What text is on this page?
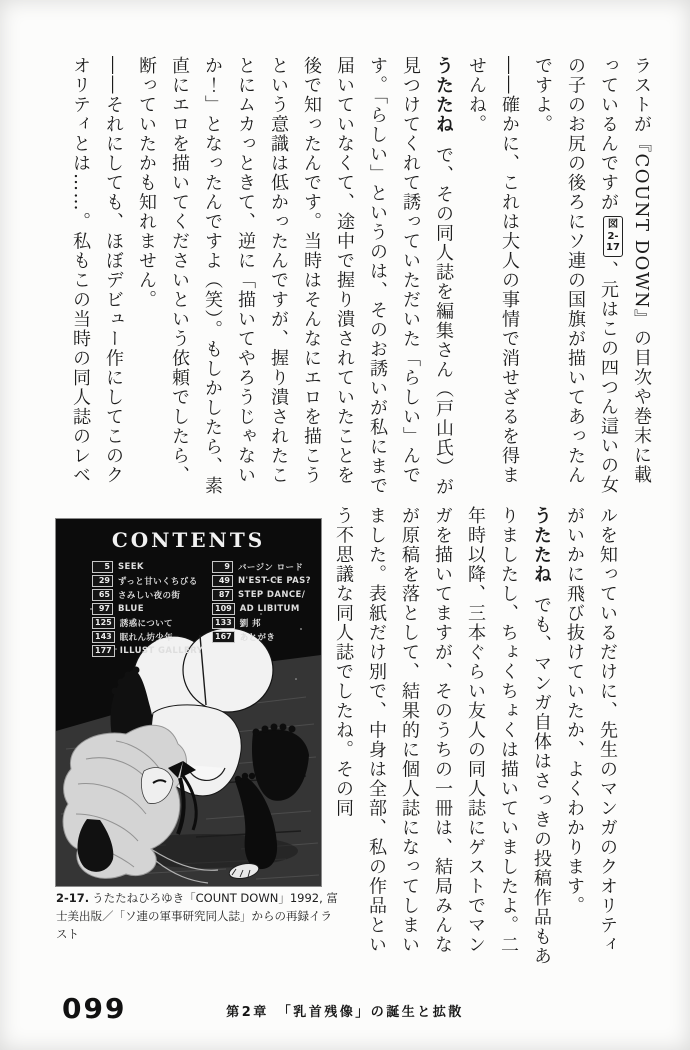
ラストが『COUNT DOWN』の目次や巻末に載っているんですが図2-17、元はこの四つん這いの女の子のお尻の後ろにソ連の国旗が描いてあったんですよ。

――確かに、これは大人の事情で消せざるを得ませんね。

うたたねで、その同人誌を編集さん（戸山氏）が見つけてくれて誘っていただいた「らしい」んです。「らしい」というのは、そのお誘いが私にまで届いていなくて、途中で握り潰されていたことを後で知ったんです。当時はそんなにエロを描こうという意識は低かったんですが、握り潰されたことにムカっときて、逆に「描いてやろうじゃないか！」となったんですよ（笑）。もしかしたら、素直にエロを描いてくださいという依頼でしたら、断っていたかも知れません。

――それにしても、ほぼデビュー作にしてこのクオリティとは……。私もこの当時の同人誌のレベ

ルを知っているだけに、先生のマンガのクオリティがいかに飛び抜けていたか、よくわかります。

うたたねでも、マンガ自体はさっきの投稿作品もありましたし、ちょくちょくは描いていましたよ。二年時以降、三本ぐらい友人の同人誌にゲストでマンガを描いてますが、そのうちの一冊は、結局みんなが原稿を落として、結果的に個人誌になってしまいました。表紙だけ別で、中身は全部、私の作品という不思議な同人誌でしたね。その同

CONTENTS
5 SEEK
29 ずっと甘いくちびる
65 さみしい夜の街
97 BLUE
125 誘惑について
143 眠れん坊少年
177 ILLUST GALLERY
9 バージン ロード
49 N'EST-CE PAS?
87 STEP DANCE/
109 AD LIBITUM
133 劉 邦
167 あとがき
2-17. うたたねひろゆき「COUNT DOWN」1992, 富士美出版／「ソ連の軍事研究同人誌」からの再録イラスト
099	第2章　「乳首残像」の誕生と拡散
